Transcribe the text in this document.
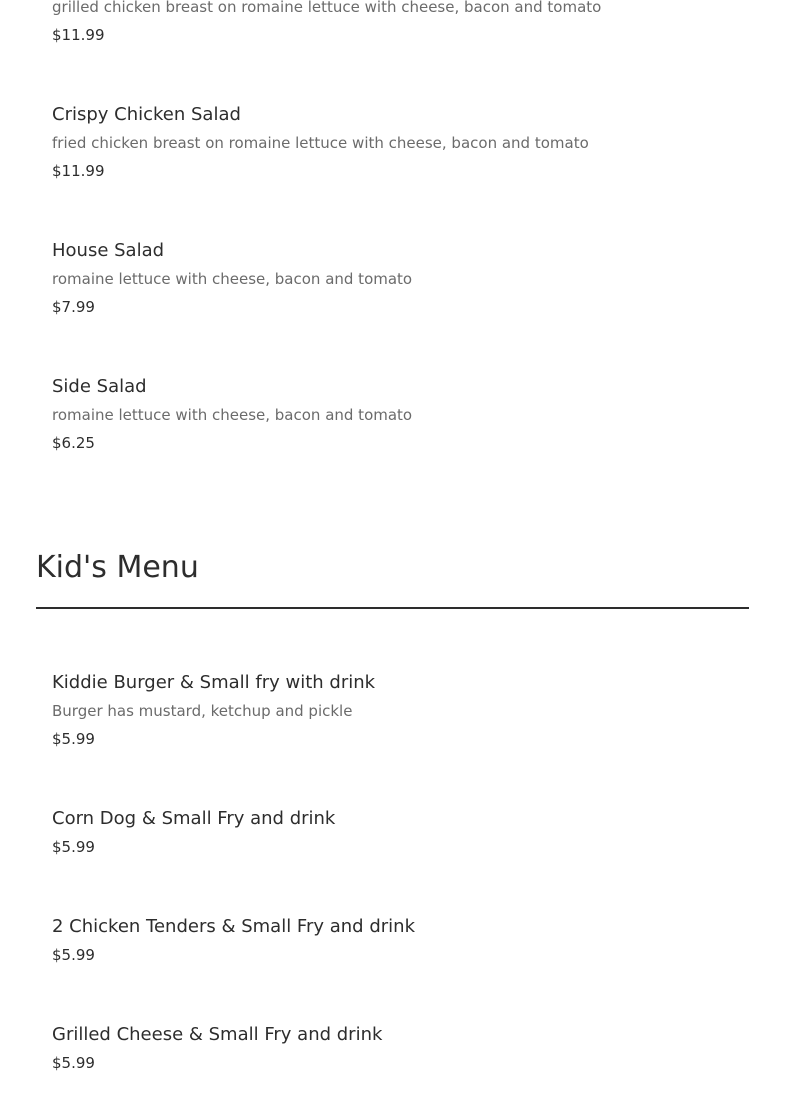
grilled chicken breast on romaine lettuce with cheese, bacon and tomato
$11.99
Crispy Chicken Salad
fried chicken breast on romaine lettuce with cheese, bacon and tomato
$11.99
House Salad
romaine lettuce with cheese, bacon and tomato
$7.99
Side Salad
romaine lettuce with cheese, bacon and tomato
$6.25
Kid's Menu
Kiddie Burger & Small fry with drink
Burger has mustard, ketchup and pickle
$5.99
Corn Dog & Small Fry and drink
$5.99
2 Chicken Tenders & Small Fry and drink
$5.99
Grilled Cheese & Small Fry and drink
$5.99
